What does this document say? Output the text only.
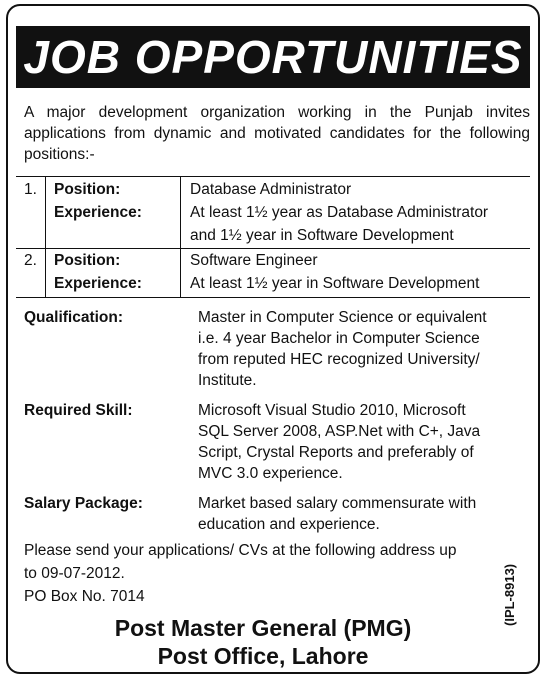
JOB OPPORTUNITIES
A major development organization working in the Punjab invites applications from dynamic and motivated candidates for the following positions:-
1. Position:	Database Administrator
Experience:	At least 1½ year as Database Administrator
and 1½ year in Software Development
2. Position:	Software Engineer
Experience:	At least 1½ year in Software Development
Qualification:	Master in Computer Science or equivalent
i.e. 4 year Bachelor in Computer Science
from reputed HEC recognized University/
Institute.
Required Skill:	Microsoft Visual Studio 2010, Microsoft
SQL Server 2008, ASP.Net with C+, Java
Script, Crystal Reports and preferably of
MVC 3.0 experience.
Salary Package:	Market based salary commensurate with
education and experience.
Please send your applications/ CVs at the following address up
to 09-07-2012.
PO Box No. 7014
Post Master General (PMG)
Post Office, Lahore
(IPL-8913)
